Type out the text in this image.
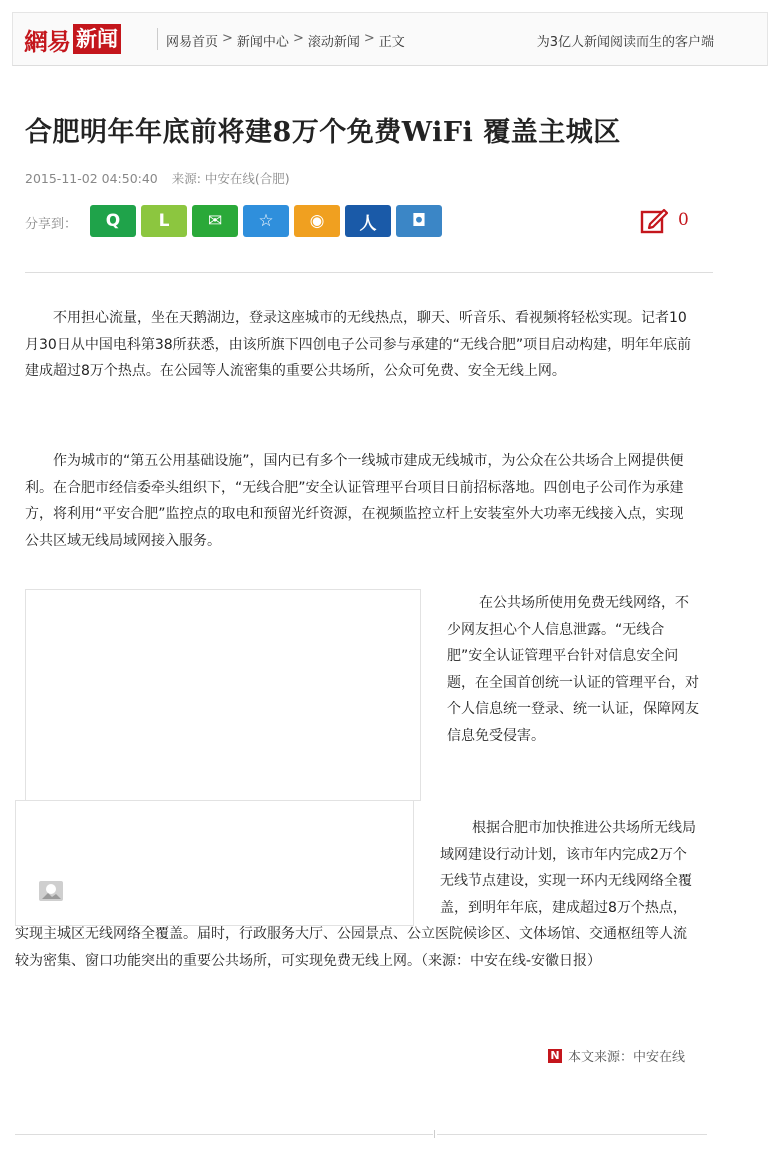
網易 新闻	网易首页 > 新闻中心 > 滚动新闻 > 正文	为3亿人新闻阅读而生的客户端
合肥明年年底前将建8万个免费WiFi 覆盖主城区
2015-11-02 04:50:40 来源: 中安在线(合肥)
分享到：	Q	L	✉	☆	◉	人	◘	0

不用担心流量，坐在天鹅湖边，登录这座城市的无线热点，聊天、听音乐、看视频将轻松实现。记者10月30日从中国电科第38所获悉，由该所旗下四创电子公司参与承建的“无线合肥”项目启动构建，明年年底前建成超过8万个热点。在公园等人流密集的重要公共场所，公众可免费、安全无线上网。

作为城市的“第五公用基础设施”，国内已有多个一线城市建成无线城市，为公众在公共场合上网提供便利。在合肥市经信委牵头组织下，“无线合肥”安全认证管理平台项目日前招标落地。四创电子公司作为承建方，将利用“平安合肥”监控点的取电和预留光纤资源，在视频监控立杆上安装室外大功率无线接入点，实现公共区域无线局域网接入服务。

在公共场所使用免费无线网络，不少网友担心个人信息泄露。“无线合肥”安全认证管理平台针对信息安全问题，在全国首创统一认证的管理平台，对个人信息统一登录、统一认证，保障网友信息免受侵害。

根据合肥市加快推进公共场所无线局域网建设行动计划，该市年内完成2万个无线节点建设，实现一环内无线网络全覆盖，到明年年底，建成超过8万个热点，实现主城区无线网络全覆盖。届时，行政服务大厅、公园景点、公立医院候诊区、文体场馆、交通枢纽等人流较为密集、窗口功能突出的重要公共场所，可实现免费无线上网。（来源：中安在线-安徽日报）
N 本文来源：中安在线
